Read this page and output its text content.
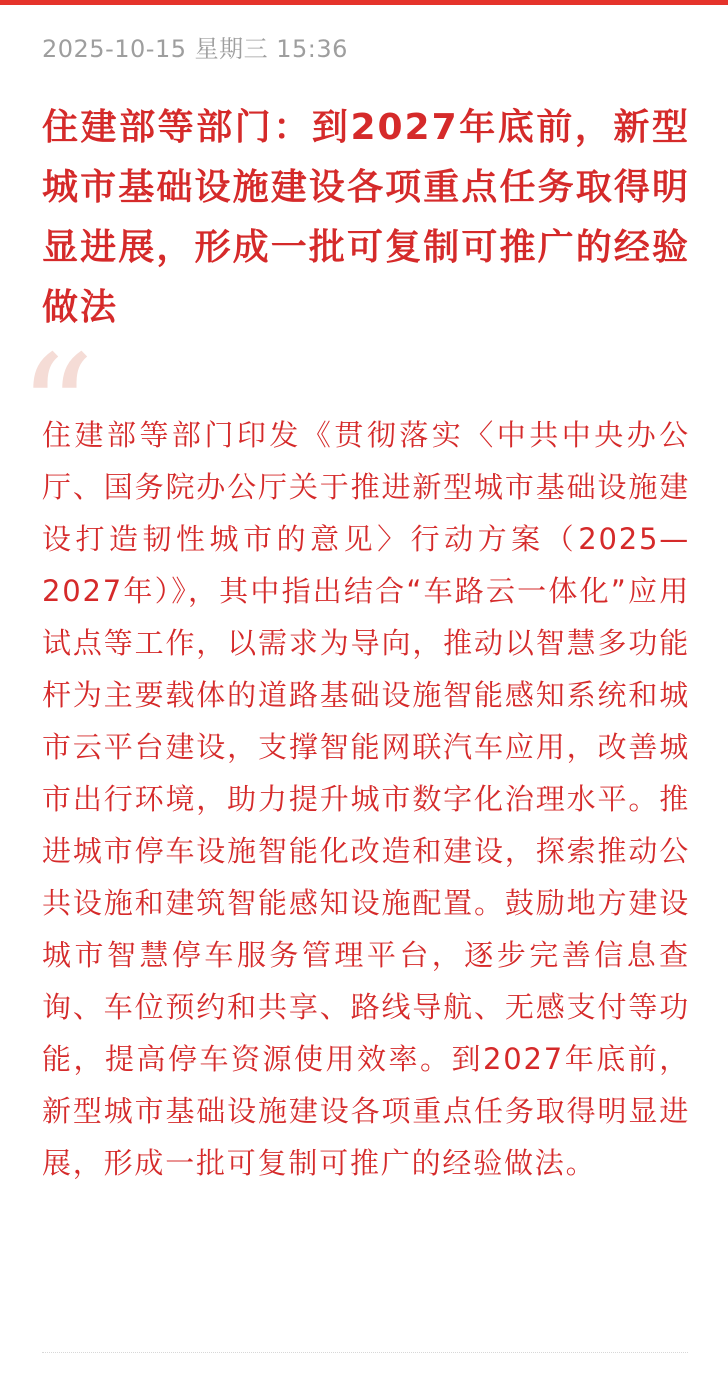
2025-10-15 星期三 15:36
住建部等部门：到2027年底前，新型城市基础设施建设各项重点任务取得明显进展，形成一批可复制可推广的经验做法
“

住建部等部门印发《贯彻落实〈中共中央办公厅、国务院办公厅关于推进新型城市基础设施建设打造韧性城市的意见〉行动方案（2025—2027年）》，其中指出结合“车路云一体化”应用试点等工作，以需求为导向，推动以智慧多功能杆为主要载体的道路基础设施智能感知系统和城市云平台建设，支撑智能网联汽车应用，改善城市出行环境，助力提升城市数字化治理水平。推进城市停车设施智能化改造和建设，探索推动公共设施和建筑智能感知设施配置。鼓励地方建设城市智慧停车服务管理平台，逐步完善信息查询、车位预约和共享、路线导航、无感支付等功能，提高停车资源使用效率。到2027年底前，新型城市基础设施建设各项重点任务取得明显进展，形成一批可复制可推广的经验做法。
